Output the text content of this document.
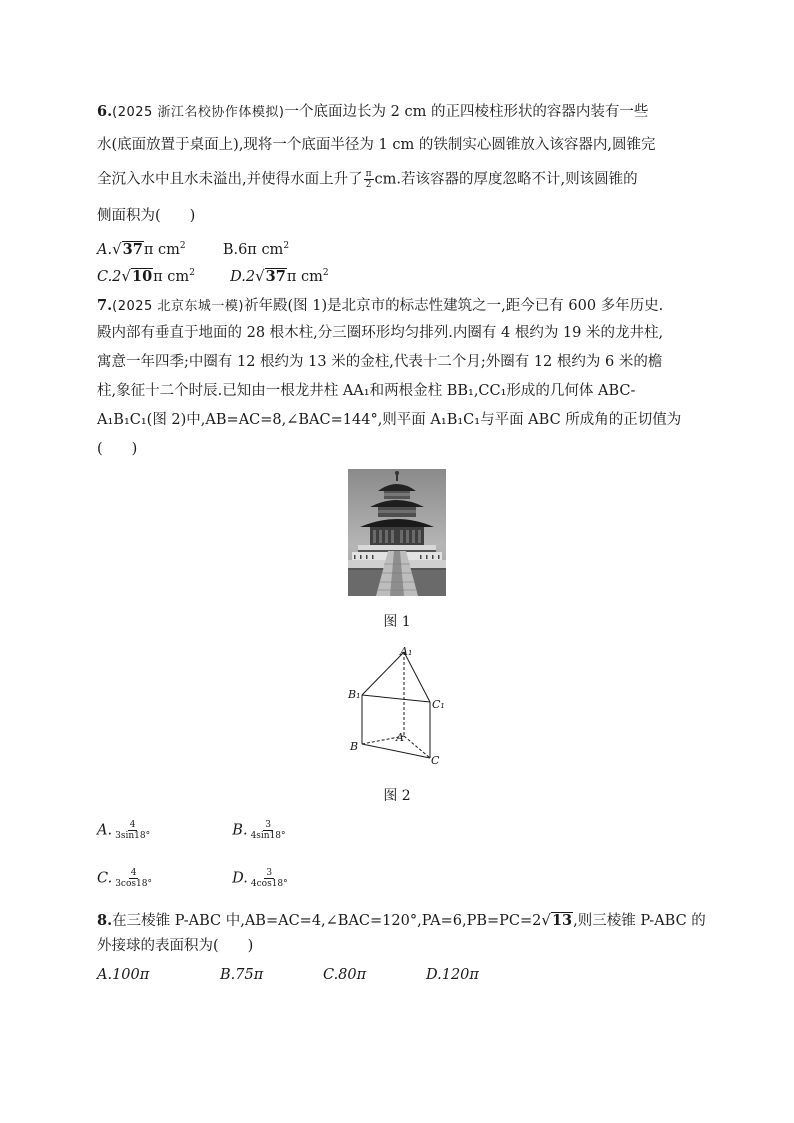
6.(2025 浙江名校协作体模拟)一个底面边长为 2 cm 的正四棱柱形状的容器内装有一些
水(底面放置于桌面上),现将一个底面半径为 1 cm 的铁制实心圆锥放入该容器内,圆锥完
全沉入水中且水未溢出,并使得水面上升了 $\frac{\pi}{2}$ cm.若该容器的厚度忽略不计,则该圆锥的
侧面积为(　　)
A.√37π $cm^2$	B.6π $cm^2$
C.2√10π $cm^2$ D.2√37π $cm^2$
7.(2025 北京东城一模)祈年殿(图 1)是北京市的标志性建筑之一,距今已有 600 多年历史.
殿内部有垂直于地面的 28 根木柱,分三圈环形均匀排列.内圈有 4 根约为 19 米的龙井柱,
寓意一年四季;中圈有 12 根约为 13 米的金柱,代表十二个月;外圈有 12 根约为 6 米的檐
柱,象征十二个时辰.已知由一根龙井柱 AA₁和两根金柱 BB₁,CC₁形成的几何体 ABC-
A₁B₁C₁(图 2)中,AB=AC=8,∠BAC=144°,则平面 A₁B₁C₁与平面 ABC 所成角的正切值为
(　　)
图 1
A₁
B₁
C₁
A
B
C
图 2
A. $\frac{4}{3\sin 18^\circ}$	B. $\frac{3}{4\sin 18^\circ}$
C. $\frac{4}{3\cos 18^\circ}$	D. $\frac{3}{4\cos 18^\circ}$
8.在三棱锥 P-ABC 中,AB=AC=4,∠BAC=120°,PA=6,PB=PC=2√13,则三棱锥 P-ABC 的
外接球的表面积为(　　)
A.100π	B.75π	C.80π	D.120π
